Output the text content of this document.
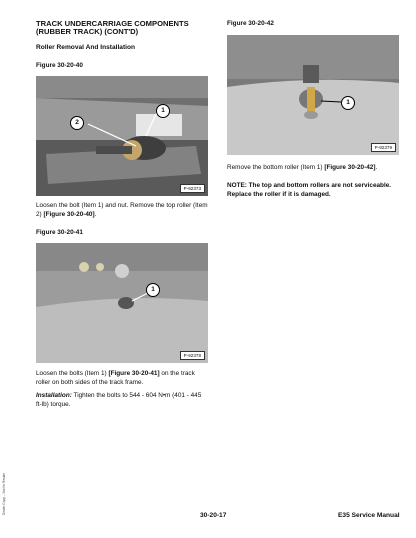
Dealer Copy -- Not for Resale
TRACK UNDERCARRIAGE COMPONENTS (RUBBER TRACK) (CONT'D)
Roller Removal And Installation
Figure 30-20-40
1
2
P-92373
Loosen the bolt (Item 1) and nut. Remove the top roller (Item 2) [Figure 30-20-40].
Figure 30-20-41
1
P-92378
Loosen the bolts (Item 1) [Figure 30-20-41] on the track roller on both sides of the track frame.
Installation: Tighten the bolts to 544 - 604 N•m (401 - 445 ft-lb) torque.
Figure 30-20-42
1
P-92379
Remove the bottom roller (Item 1) [Figure 30-20-42].
NOTE: The top and bottom rollers are not serviceable. Replace the roller if it is damaged.
30-20-17	E35 Service Manual
